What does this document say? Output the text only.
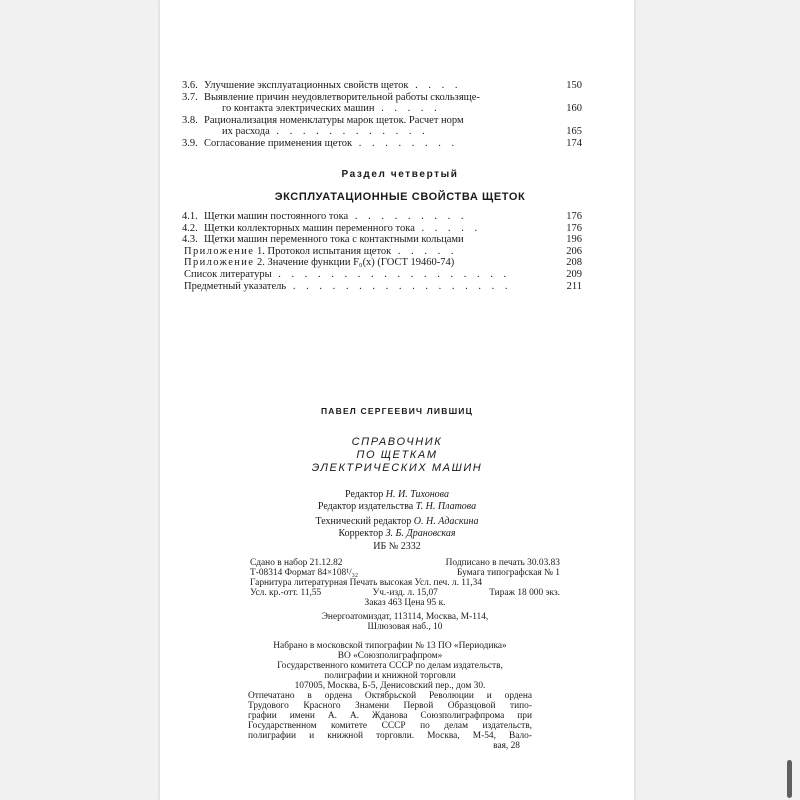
3.6. Улучшение эксплуатационных свойств щеток . . . .	150
3.7. Выявление причин неудовлетворительной работы скользяще-
го контакта электрических машин . . . . .	160
3.8. Рационализация номенклатуры марок щеток. Расчет норм
их расхода . . . . . . . . . . . .	165
3.9. Согласование применения щеток . . . . . . . .	174
Раздел четвертый
ЭКСПЛУАТАЦИОННЫЕ СВОЙСТВА ЩЕТОК
4.1. Щетки машин постоянного тока . . . . . . . . .	176
4.2. Щетки коллекторных машин переменного тока . . . . .	176
4.3. Щетки машин переменного тока с контактными кольцами	196
Приложение 1. Протокол испытания щеток . . . . .	206
Приложение 2. Значение функции F₀(x) (ГОСТ 19460-74)	208
Список литературы . . . . . . . . . . . . . . . . . .	209
Предметный указатель . . . . . . . . . . . . . . . . .	211
ПАВЕЛ СЕРГЕЕВИЧ ЛИВШИЦ
СПРАВОЧНИК
ПО ЩЕТКАМ
ЭЛЕКТРИЧЕСКИХ МАШИН
Редактор Н. И. Тихонова
Редактор издательства Т. Н. Платова
Технический редактор О. Н. Адаскина
Корректор З. Б. Драновская
ИБ № 2332
Сдано в набор 21.12.82	Подписано в печать 30.03.83
Т-08314 Формат 84×108¹/₃₂	Бумага типографская № 1
Гарнитура литературная Печать высокая Усл. печ. л. 11,34
Усл. кр.-отт. 11,55	Уч.-изд. л. 15,07	Тираж 18 000 экз.
Заказ 463 Цена 95 к.
Энергоатомиздат, 113114, Москва, М-114,
Шлюзовая наб., 10
Набрано в московской типографии № 13 ПО «Периодика»
ВО «Союзполиграфпром»
Государственного комитета СССР по делам издательств,
полиграфии и книжной торговли
107005, Москва, Б-5, Денисовский пер., дом 30.
Отпечатано в ордена Октябрьской Революции и ордена
Трудового Красного Знамени Первой Образцовой типо-
графии имени А. А. Жданова Союзполиграфпрома при
Государственном комитете СССР по делам издательств,
полиграфии и книжной торговли. Москва, М-54, Вало-
вая, 28
